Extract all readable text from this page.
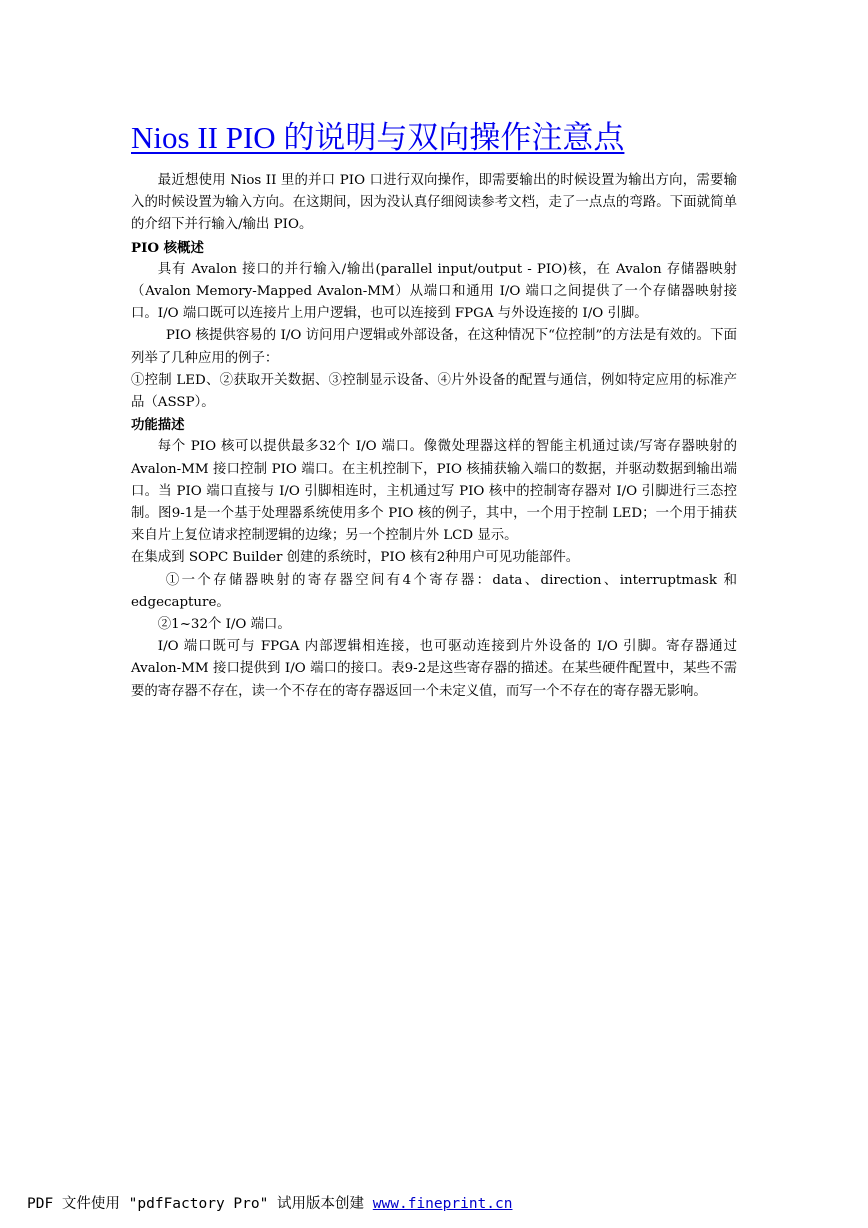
Nios II PIO 的说明与双向操作注意点

最近想使用 Nios II 里的并口 PIO 口进行双向操作，即需要输出的时候设置为输出方向，需要输入的时候设置为输入方向。在这期间，因为没认真仔细阅读参考文档，走了一点点的弯路。下面就简单的介绍下并行输入/输出 PIO。

PIO 核概述

具有 Avalon 接口的并行输入/输出(parallel input/output - PIO)核，在 Avalon 存储器映射（Avalon Memory-Mapped Avalon-MM）从端口和通用 I/O 端口之间提供了一个存储器映射接口。I/O 端口既可以连接片上用户逻辑，也可以连接到 FPGA 与外设连接的 I/O 引脚。

PIO 核提供容易的 I/O 访问用户逻辑或外部设备，在这种情况下“位控制”的方法是有效的。下面列举了几种应用的例子：

①控制 LED、②获取开关数据、③控制显示设备、④片外设备的配置与通信，例如特定应用的标准产品（ASSP）。

功能描述

每个 PIO 核可以提供最多32个 I/O 端口。像微处理器这样的智能主机通过读/写寄存器映射的 Avalon-MM 接口控制 PIO 端口。在主机控制下，PIO 核捕获输入端口的数据，并驱动数据到输出端口。当 PIO 端口直接与 I/O 引脚相连时，主机通过写 PIO 核中的控制寄存器对 I/O 引脚进行三态控制。图9-1是一个基于处理器系统使用多个 PIO 核的例子，其中，一个用于控制 LED；一个用于捕获来自片上复位请求控制逻辑的边缘；另一个控制片外 LCD 显示。

在集成到 SOPC Builder 创建的系统时，PIO 核有2种用户可见功能部件。

①一个存储器映射的寄存器空间有4个寄存器：data、direction、interruptmask 和 edgecapture。

②1~32个 I/O 端口。

I/O 端口既可与 FPGA 内部逻辑相连接，也可驱动连接到片外设备的 I/O 引脚。寄存器通过 Avalon-MM 接口提供到 I/O 端口的接口。表9-2是这些寄存器的描述。在某些硬件配置中，某些不需要的寄存器不存在，读一个不存在的寄存器返回一个未定义值，而写一个不存在的寄存器无影响。

PDF 文件使用 "pdfFactory Pro" 试用版本创建 www.fineprint.cn
